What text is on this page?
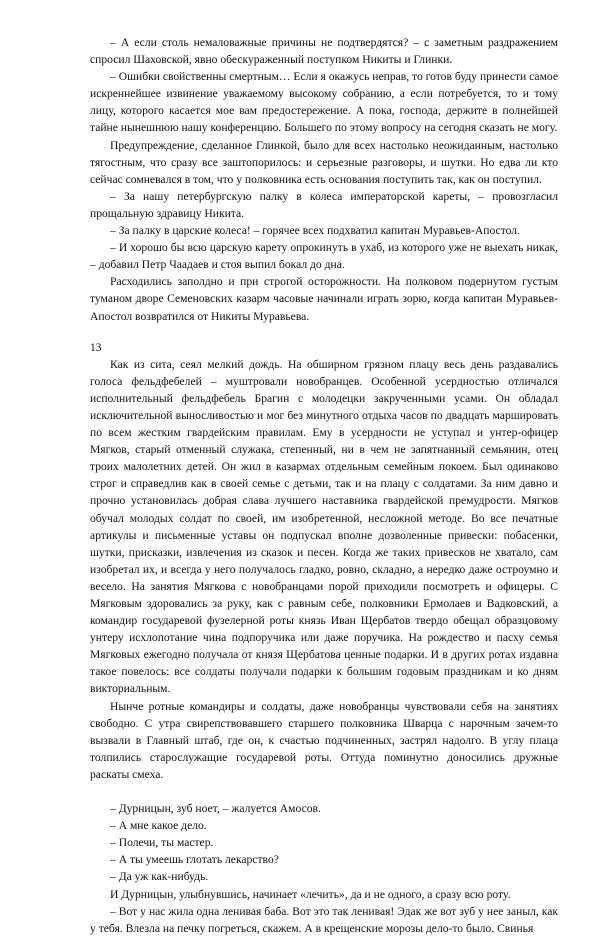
– А если столь немаловажные причины не подтвердятся? – с заметным раздражением спросил Шаховской, явно обескураженный поступком Никиты и Глинки.

– Ошибки свойственны смертным… Если я окажусь неправ, то готов буду принести самое искреннейшее извинение уважаемому высокому собранию, а если потребуется, то и тому лицу, которого касается мое вам предостережение. А пока, господа, держите в полнейшей тайне нынешнюю нашу конференцию. Большего по этому вопросу на сегодня сказать не могу.

Предупреждение, сделанное Глинкой, было для всех настолько неожиданным, настолько тягостным, что сразу все заштопорилось: и серьезные разговоры, и шутки. Но едва ли кто сейчас сомневался в том, что у полковника есть основания поступить так, как он поступил.

– За нашу петербургскую палку в колеса императорской кареты, – провозгласил прощальную здравицу Никита.

– За палку в царские колеса! – горячее всех подхватил капитан Муравьев-Апостол.

– И хорошо бы всю царскую карету опрокинуть в ухаб, из которого уже не выехать никак, – добавил Петр Чаадаев и стоя выпил бокал до дна.

Расходились заполдно и при строгой осторожности. На полковом подернутом густым туманом дворе Семеновских казарм часовые начинали играть зорю, когда капитан Муравьев-Апостол возвратился от Никиты Муравьева.

13

Как из сита, сеял мелкий дождь. На обширном грязном плацу весь день раздавались голоса фельдфебелей – муштровали новобранцев. Особенной усердностью отличался исполнительный фельдфебель Брагин с молодецки закрученными усами. Он обладал исключительной выносливостью и мог без минутного отдыха часов по двадцать маршировать по всем жестким гвардейским правилам. Ему в усердности не уступал и унтер-офицер Мягков, старый отменный служака, степенный, ни в чем не запятнанный семьянин, отец троих малолетних детей. Он жил в казармах отдельным семейным покоем. Был одинаково строг и справедлив как в своей семье с детьми, так и на плацу с солдатами. За ним давно и прочно установилась добрая слава лучшего наставника гвардейской премудрости. Мягков обучал молодых солдат по своей, им изобретенной, несложной методе. Во все печатные артикулы и письменные уставы он подпускал вполне дозволенные привески: побасенки, шутки, присказки, извлечения из сказок и песен. Когда же таких привесков не хватало, сам изобретал их, и всегда у него получалось гладко, ровно, складно, а нередко даже остроумно и весело. На занятия Мягкова с новобранцами порой приходили посмотреть и офицеры. С Мягковым здоровались за руку, как с равным себе, полковники Ермолаев и Вадковский, а командир государевой фузелерной роты князь Иван Щербатов твердо обещал образцовому унтеру исхлопотание чина подпоручика или даже поручика. На рождество и пасху семья Мягковых ежегодно получала от князя Щербатова ценные подарки. И в других ротах издавна такое повелось: все солдаты получали подарки к большим годовым праздникам и ко дням викториальным.

Нынче ротные командиры и солдаты, даже новобранцы чувствовали себя на занятиях свободно. С утра свирепствовавшего старшего полковника Шварца с нарочным зачем-то вызвали в Главный штаб, где он, к счастью подчиненных, застрял надолго. В углу плаца толпились старослужащие государевой роты. Оттуда поминутно доносились дружные раскаты смеха.

– Дурницын, зуб ноет, – жалуется Амосов.

– А мне какое дело.

– Полечи, ты мастер.

– А ты умеешь глотать лекарство?

– Да уж как-нибудь.

И Дурницын, улыбнувшись, начинает «лечить», да и не одного, а сразу всю роту.

– Вот у нас жила одна ленивая баба. Вот это так ленивая! Эдак же вот зуб у нее заныл, как у тебя. Влезла на печку погреться, скажем. А в крещенские морозы дело-то было. Свинья
